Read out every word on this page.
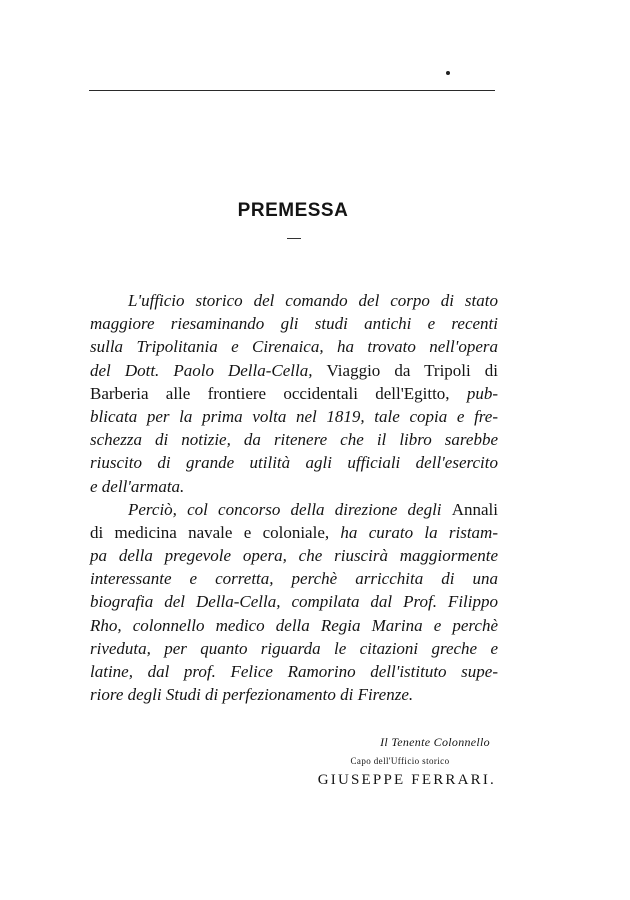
PREMESSA
L'ufficio storico del comando del corpo di stato
maggiore riesaminando gli studi antichi e recenti
sulla Tripolitania e Cirenaica, ha trovato nell'opera
del Dott. Paolo Della-Cella, Viaggio da Tripoli di
Barberia alle frontiere occidentali dell'Egitto, pub-
blicata per la prima volta nel 1819, tale copia e fre-
schezza di notizie, da ritenere che il libro sarebbe
riuscito di grande utilità agli ufficiali dell'esercito
e dell'armata.
Perciò, col concorso della direzione degli Annali
di medicina navale e coloniale, ha curato la ristam-
pa della pregevole opera, che riuscirà maggiormente
interessante e corretta, perchè arricchita di una
biografia del Della-Cella, compilata dal Prof. Filippo
Rho, colonnello medico della Regia Marina e perchè
riveduta, per quanto riguarda le citazioni greche e
latine, dal prof. Felice Ramorino dell'istituto supe-
riore degli Studi di perfezionamento di Firenze.
Il Tenente Colonnello
Capo dell'Ufficio storico
GIUSEPPE FERRARI.
